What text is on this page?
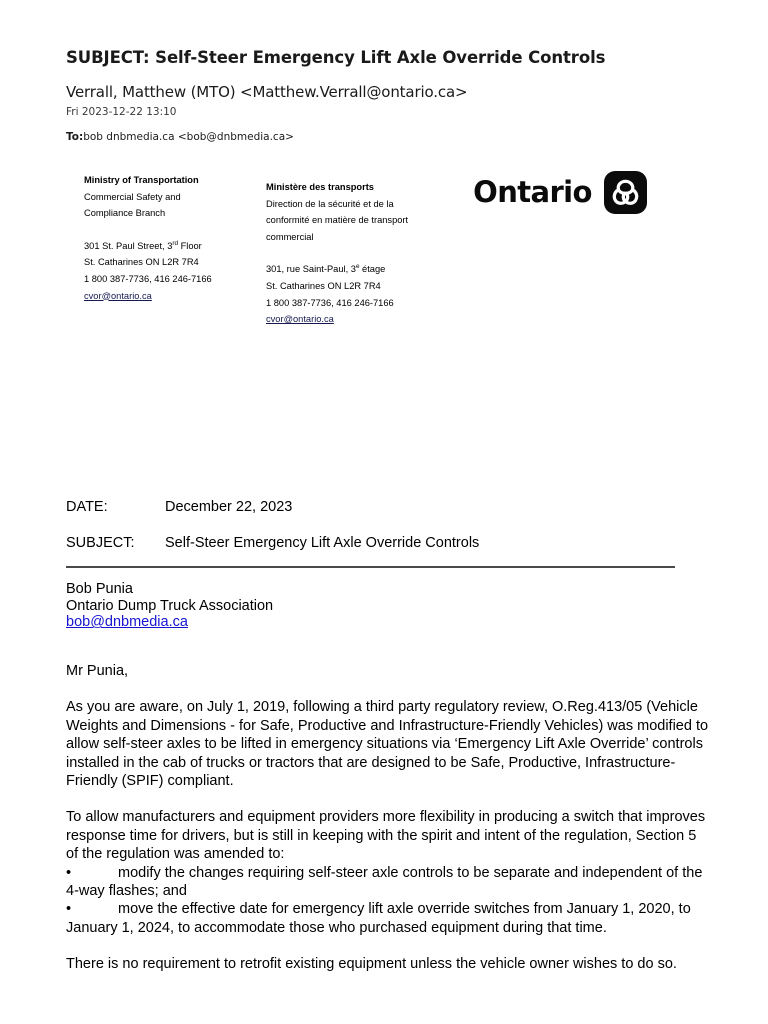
SUBJECT: Self-Steer Emergency Lift Axle Override Controls
Verrall, Matthew (MTO) <Matthew.Verrall@ontario.ca>
Fri 2023-12-22 13:10
To:bob dnbmedia.ca <bob@dnbmedia.ca>
Ministry of Transportation
Commercial Safety and
Compliance Branch
301 St. Paul Street, 3rd Floor
St. Catharines ON L2R 7R4
1 800 387-7736, 416 246-7166
cvor@ontario.ca
Ministère des transports
Direction de la sécurité et de la
conformité en matière de transport
commercial
301, rue Saint-Paul, 3e étage
St. Catharines ON L2R 7R4
1 800 387-7736, 416 246-7166
cvor@ontario.ca
Ontario
DATE:	December 22, 2023
SUBJECT:	Self-Steer Emergency Lift Axle Override Controls
Bob Punia
Ontario Dump Truck Association
bob@dnbmedia.ca

Mr Punia,

As you are aware, on July 1, 2019, following a third party regulatory review, O.Reg.413/05 (Vehicle Weights and Dimensions - for Safe, Productive and Infrastructure-Friendly Vehicles) was modified to allow self-steer axles to be lifted in emergency situations via ‘Emergency Lift Axle Override’ controls installed in the cab of trucks or tractors that are designed to be Safe, Productive, Infrastructure-Friendly (SPIF) compliant.

To allow manufacturers and equipment providers more flexibility in producing a switch that improves response time for drivers, but is still in keeping with the spirit and intent of the regulation, Section 5 of the regulation was amended to:

•	modify the changes requiring self-steer axle controls to be separate and independent of the 4-way flashes; and

•	move the effective date for emergency lift axle override switches from January 1, 2020, to January 1, 2024, to accommodate those who purchased equipment during that time.

There is no requirement to retrofit existing equipment unless the vehicle owner wishes to do so.
